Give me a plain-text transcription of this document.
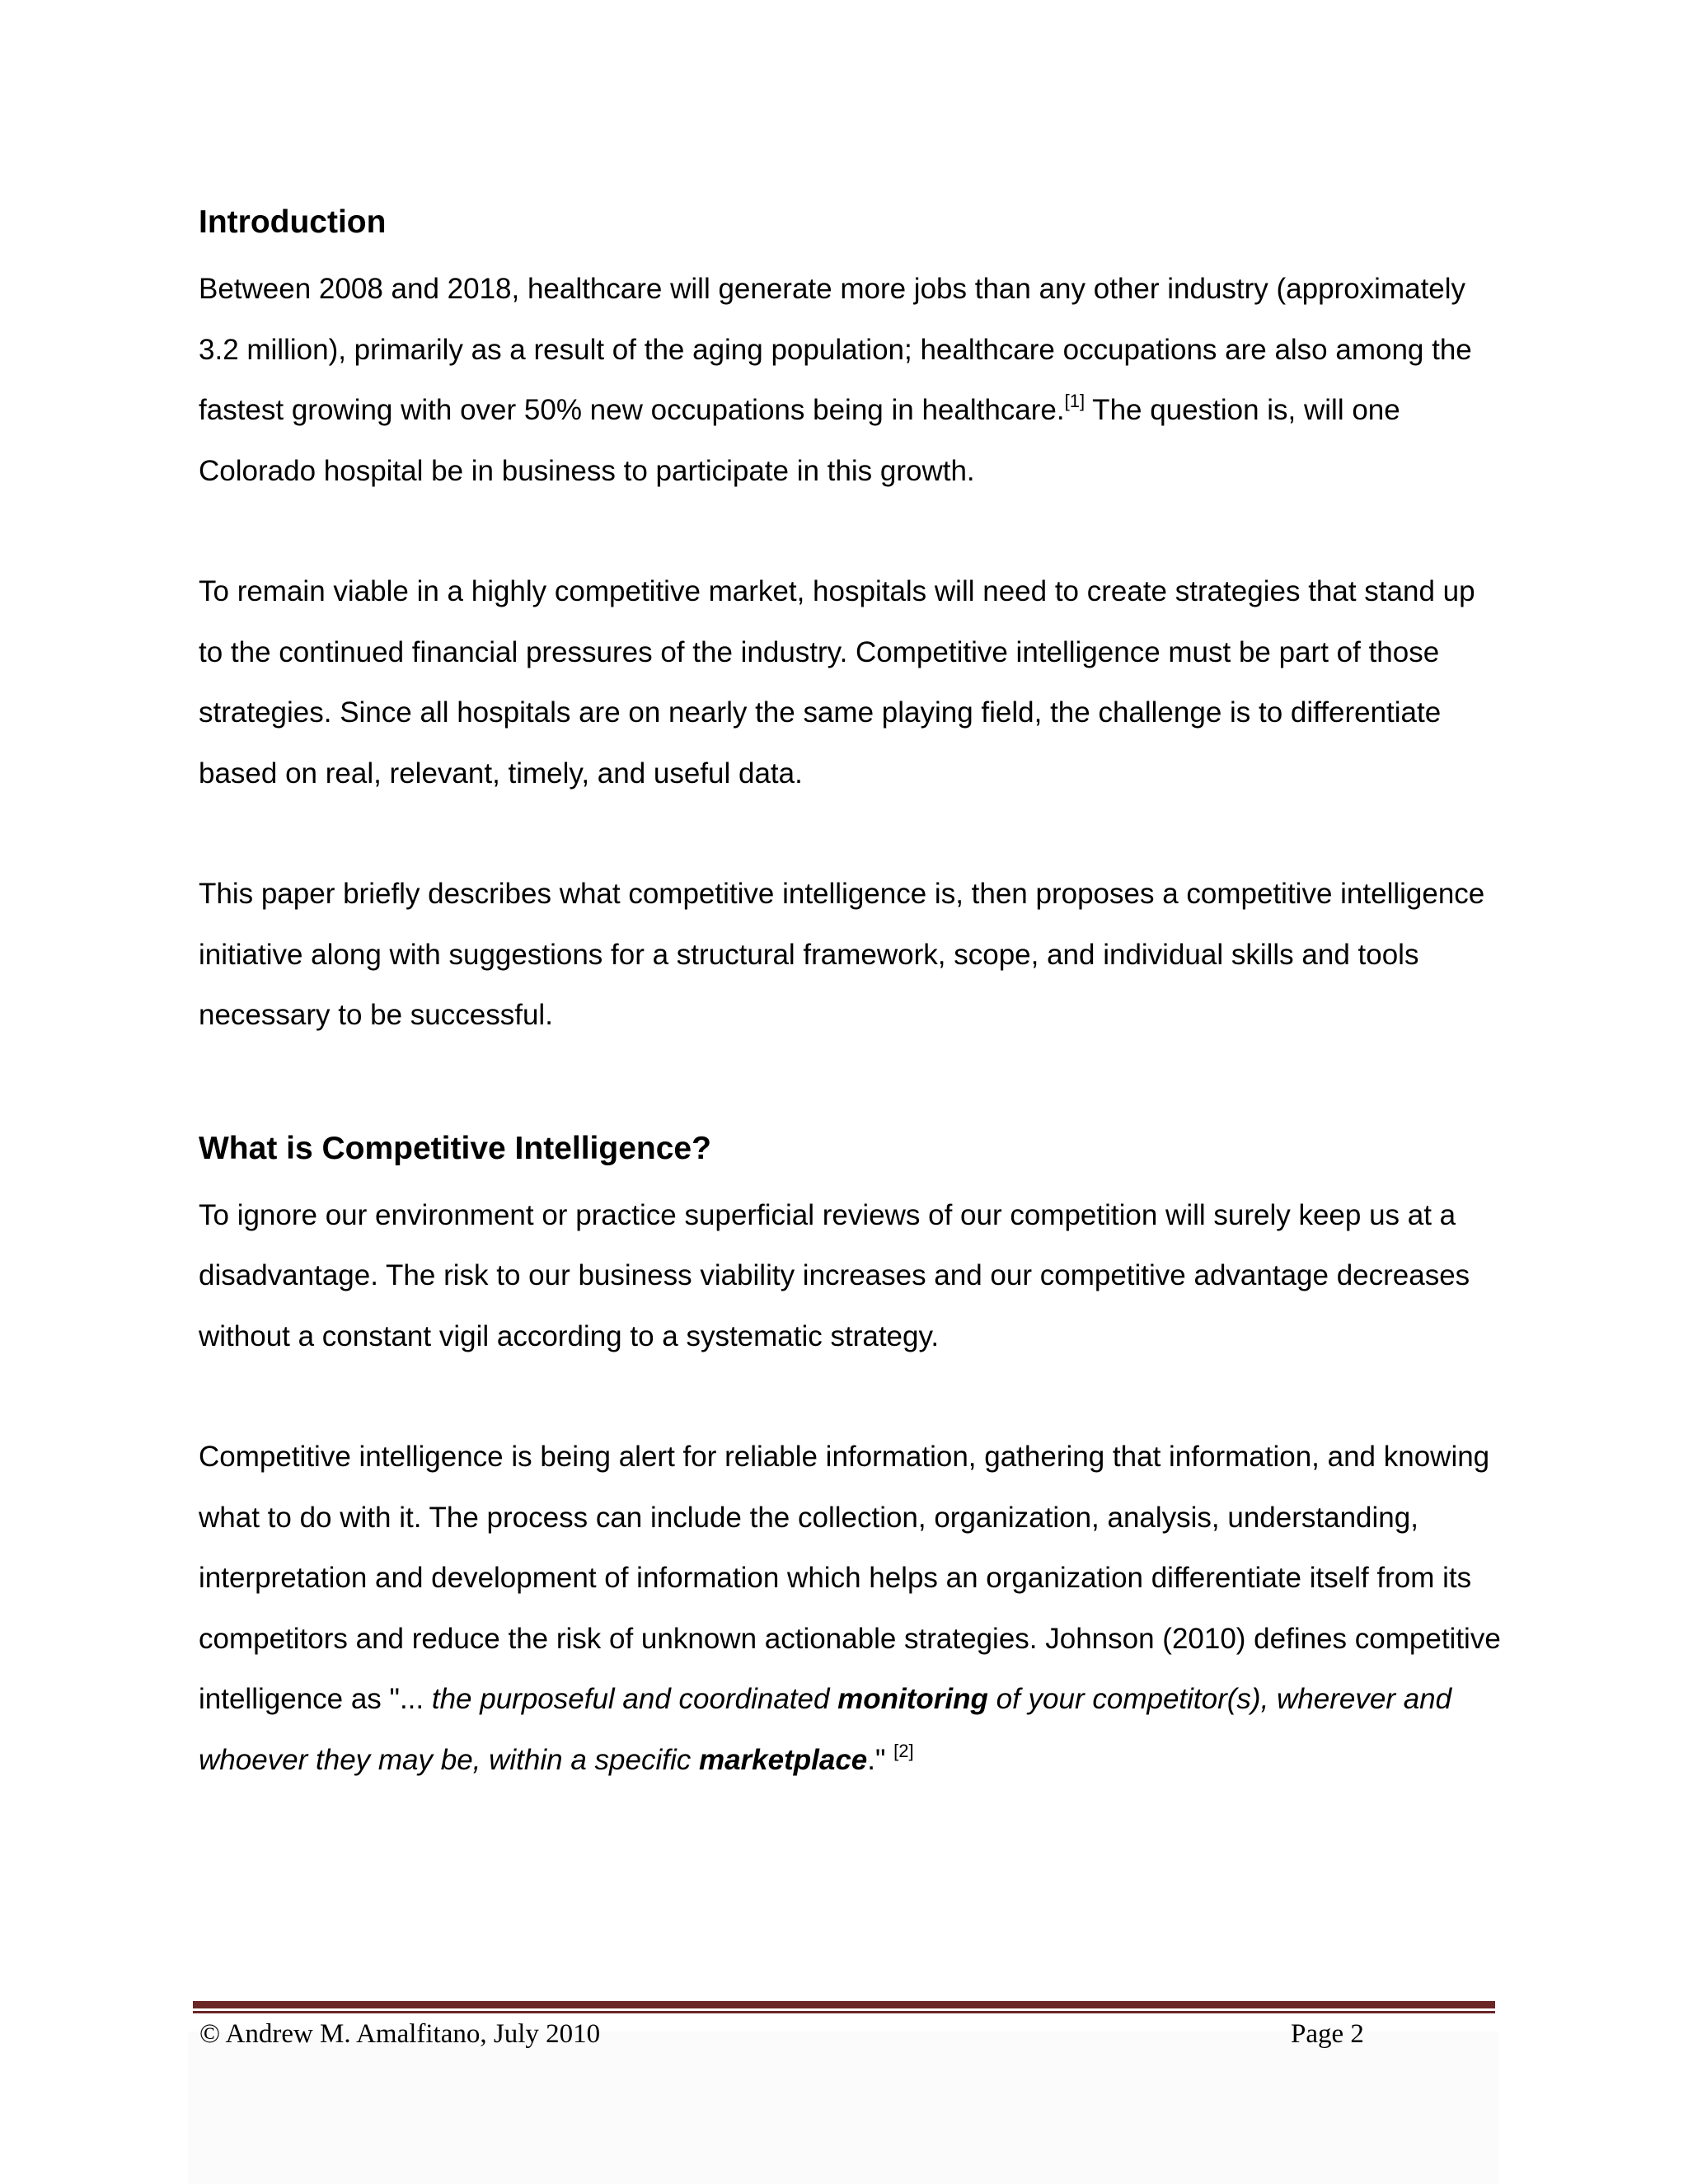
Introduction

Between 2008 and 2018, healthcare will generate more jobs than any other industry (approximately 3.2 million), primarily as a result of the aging population; healthcare occupations are also among the fastest growing with over 50% new occupations being in healthcare.[1] The question is, will one Colorado hospital be in business to participate in this growth.

To remain viable in a highly competitive market, hospitals will need to create strategies that stand up to the continued financial pressures of the industry. Competitive intelligence must be part of those strategies. Since all hospitals are on nearly the same playing field, the challenge is to differentiate based on real, relevant, timely, and useful data.

This paper briefly describes what competitive intelligence is, then proposes a competitive intelligence initiative along with suggestions for a structural framework, scope, and individual skills and tools necessary to be successful.

What is Competitive Intelligence?

To ignore our environment or practice superficial reviews of our competition will surely keep us at a disadvantage. The risk to our business viability increases and our competitive advantage decreases without a constant vigil according to a systematic strategy.

Competitive intelligence is being alert for reliable information, gathering that information, and knowing what to do with it. The process can include the collection, organization, analysis, understanding, interpretation and development of information which helps an organization differentiate itself from its competitors and reduce the risk of unknown actionable strategies. Johnson (2010) defines competitive intelligence as "... the purposeful and coordinated monitoring of your competitor(s), wherever and whoever they may be, within a specific marketplace." [2]

© Andrew M. Amalfitano, July 2010	Page 2
